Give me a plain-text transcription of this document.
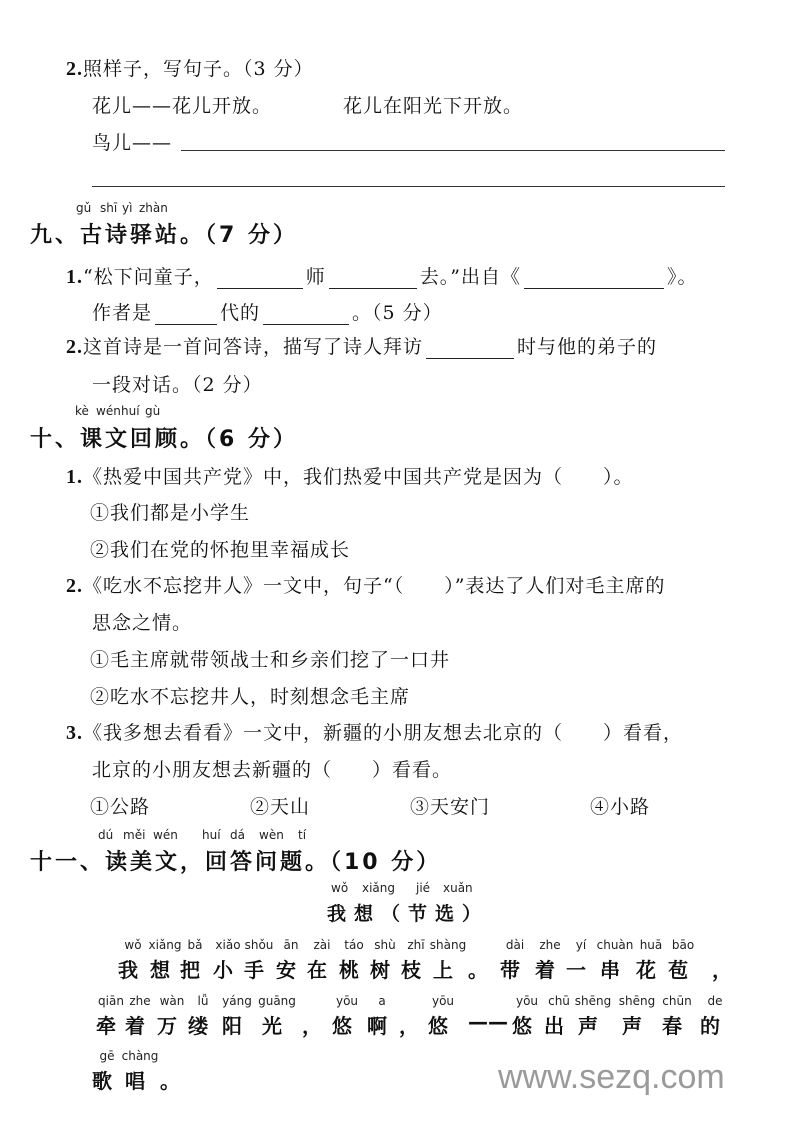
2.照样子，写句子。（3 分）
花儿——花儿开放。	花儿在阳光下开放。
鸟儿——
gǔ shī yì zhàn
九、古诗驿站。（7 分）
1.“松下问童子，	师	去。”出自《	》。
作者是	代的	。（5 分）
2.这首诗是一首问答诗，描写了诗人拜访	时与他的弟子的
一段对话。（2 分）
kè wén huí gù
十、课文回顾。（6 分）
1.《热爱中国共产党》中，我们热爱中国共产党是因为（　　）。
①我们都是小学生
②我们在党的怀抱里幸福成长
2.《吃水不忘挖井人》一文中，句子“（　　）”表达了人们对毛主席的
思念之情。
①毛主席就带领战士和乡亲们挖了一口井
②吃水不忘挖井人，时刻想念毛主席
3.《我多想去看看》一文中，新疆的小朋友想去北京的（　　）看看，
北京的小朋友想去新疆的（　　）看看。
①公路	②天山	③天安门	④小路
dú měi wén huí dá wèn tí
十一、读美文，回答问题。（10 分）
wǒ xiǎng jié xuǎn
我想（节选）
wǒ
我
xiǎng
想
bǎ
把
xiǎo
小
shǒu
手
ān
安
zài
在
táo
桃
shù
树
zhī
枝
shàng
上 。
dài
带
zhe
着
yí
一
chuàn
串
huā
花
bāo
苞 ，
qiān
牵
zhe
着
wàn
万
lǚ
缕
yáng
阳
guāng
光 ，
yōu
悠
a
啊 ，
yōu
悠 ——
yōu
悠
chū
出
shēng
声
shēng
声
chūn
春
de
的
gē
歌
chàng
唱 。	www.sezq.com
